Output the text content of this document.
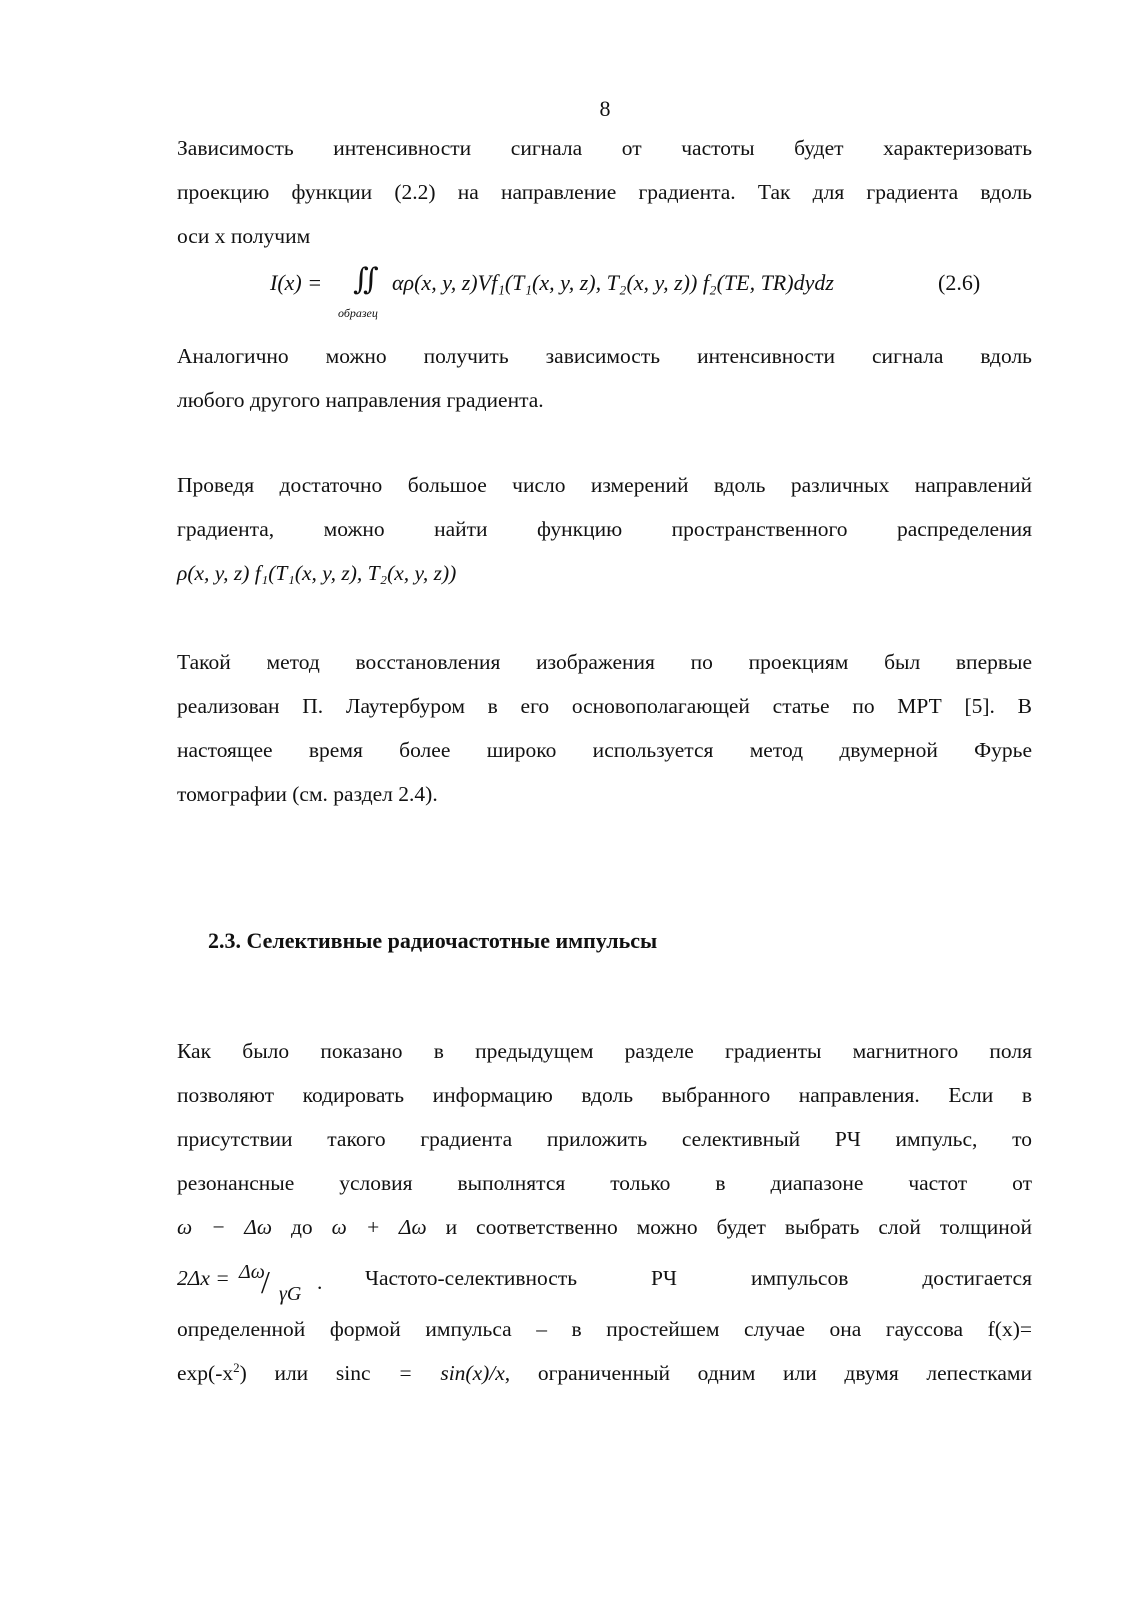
8
Зависимость интенсивности сигнала от частоты будет характеризовать
проекцию функции (2.2) на направление градиента. Так для градиента вдоль
оси x получим
I(x) = ∬
образец
αρ(x, y, z)Vf₁(T₁(x, y, z), T₂(x, y, z)) f₂(TE, TR)dydz	(2.6)
Аналогично можно получить зависимость интенсивности сигнала вдоль
любого другого направления градиента.
Проведя достаточно большое число измерений вдоль различных направлений
градиента, можно найти функцию пространственного распределения
ρ(x, y, z) f₁(T₁(x, y, z), T₂(x, y, z))
Такой метод восстановления изображения по проекциям был впервые
реализован П. Лаутербуром в его основополагающей статье по МРТ [5]. В
настоящее время более широко используется метод двумерной Фурье
томографии (см. раздел 2.4).
2.3. Селективные радиочастотные импульсы
Как было показано в предыдущем разделе градиенты магнитного поля
позволяют кодировать информацию вдоль выбранного направления. Если в
присутствии такого градиента приложить селективный РЧ импульс, то
резонансные условия выполнятся только в диапазоне частот от
ω − Δω до ω + Δω и соответственно можно будет выбрать слой толщиной
2Δx = Δω
/ γG . Частото-селективность РЧ импульсов достигается
определенной формой импульса – в простейшем случае она гауссова f(x)=
$\exp(-x^2)$ или sinc = sin(x)/x, ограниченный одним или двумя лепестками
